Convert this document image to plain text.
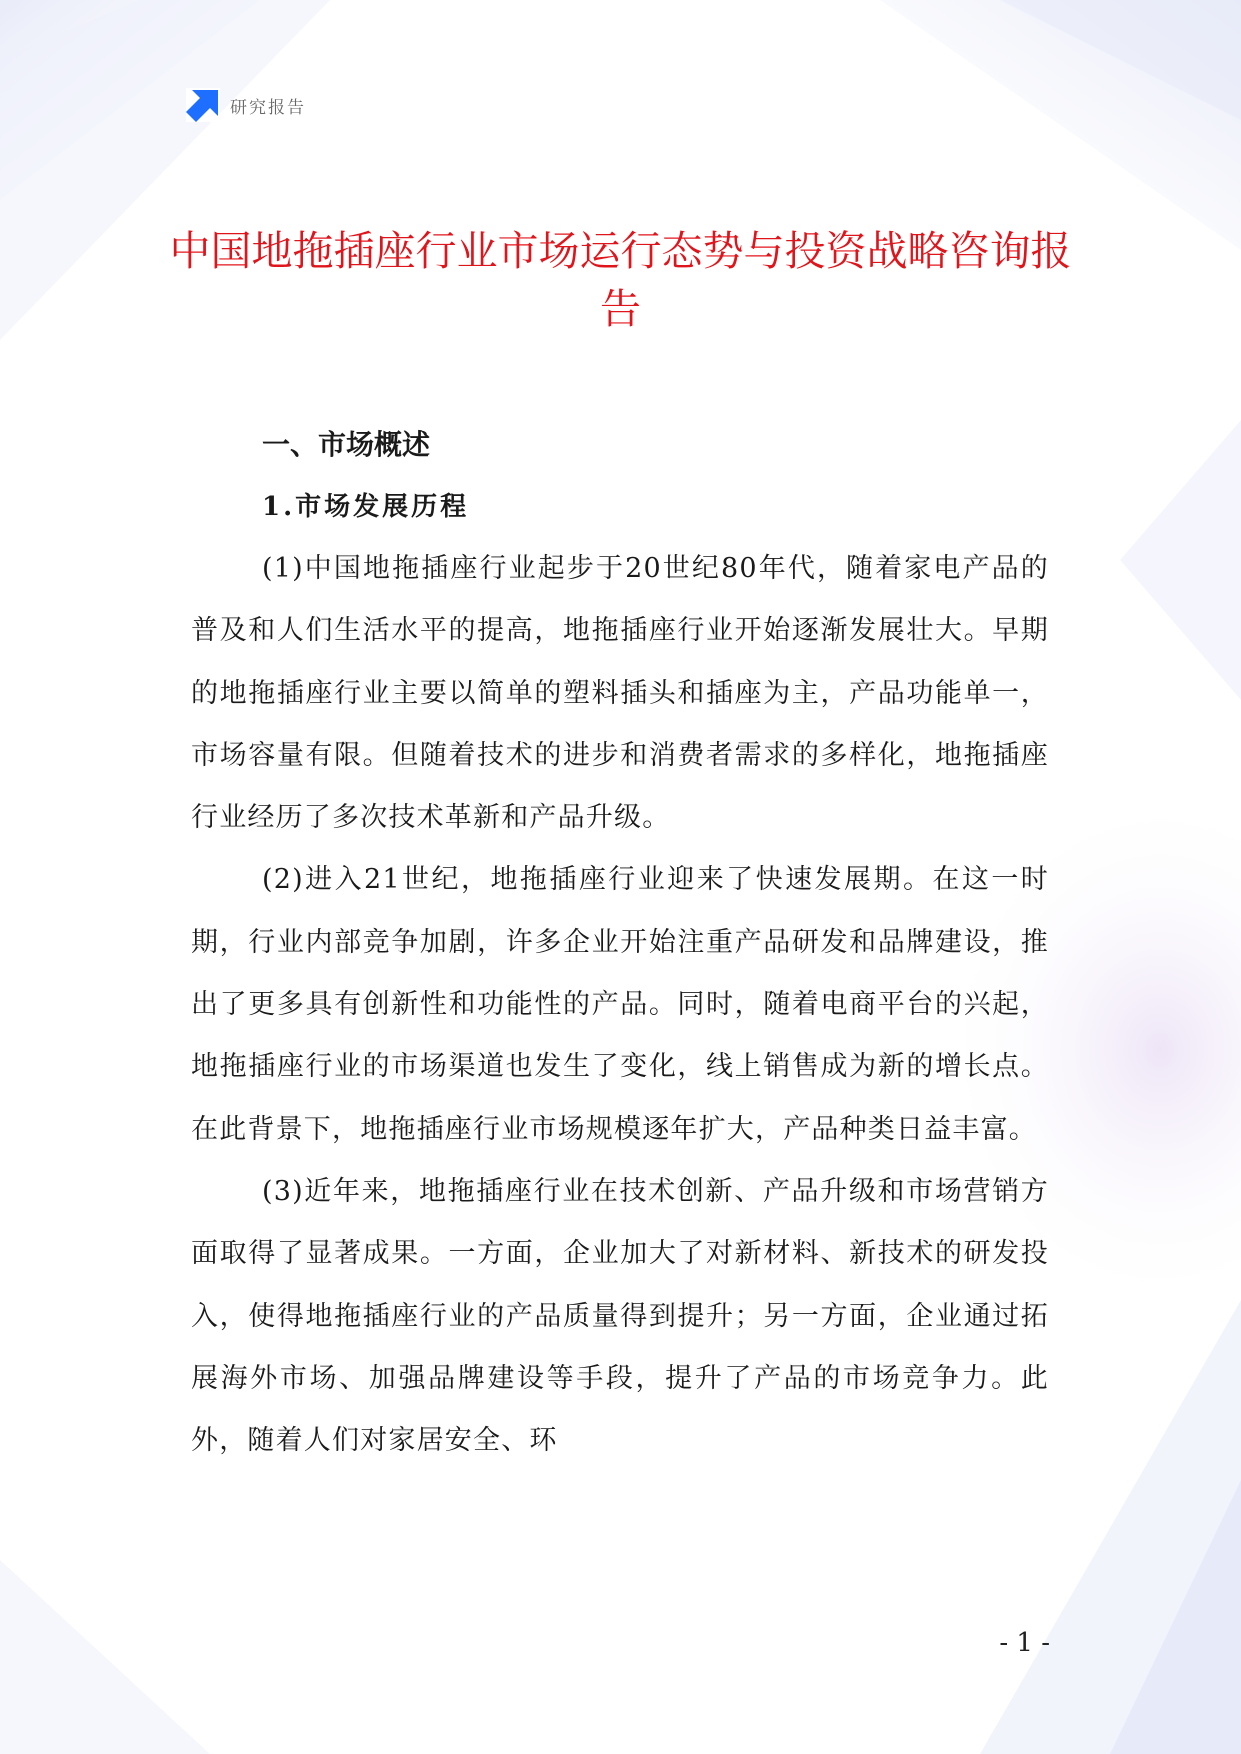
研究报告
中国地拖插座行业市场运行态势与投资战略咨询报告
一、市场概述
1.市场发展历程

(1)中国地拖插座行业起步于20世纪80年代，随着家电产品的普及和人们生活水平的提高，地拖插座行业开始逐渐发展壮大。早期的地拖插座行业主要以简单的塑料插头和插座为主，产品功能单一，市场容量有限。但随着技术的进步和消费者需求的多样化，地拖插座行业经历了多次技术革新和产品升级。

(2)进入21世纪，地拖插座行业迎来了快速发展期。在这一时期，行业内部竞争加剧，许多企业开始注重产品研发和品牌建设，推出了更多具有创新性和功能性的产品。同时，随着电商平台的兴起，地拖插座行业的市场渠道也发生了变化，线上销售成为新的增长点。在此背景下，地拖插座行业市场规模逐年扩大，产品种类日益丰富。

(3)近年来，地拖插座行业在技术创新、产品升级和市场营销方面取得了显著成果。一方面，企业加大了对新材料、新技术的研发投入，使得地拖插座行业的产品质量得到提升；另一方面，企业通过拓展海外市场、加强品牌建设等手段，提升了产品的市场竞争力。此外，随着人们对家居安全、环

- 1 -
